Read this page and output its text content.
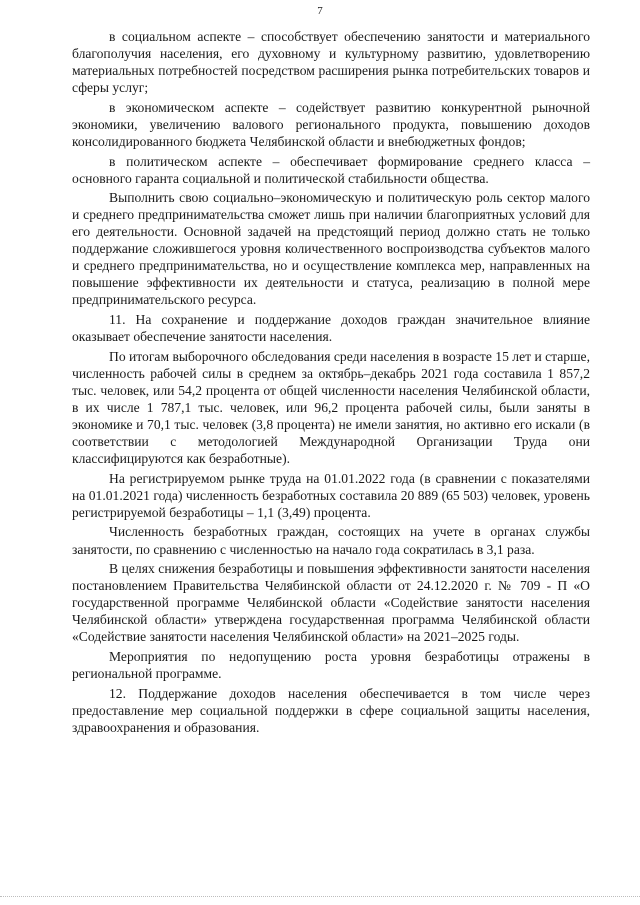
7

в социальном аспекте – способствует обеспечению занятости и материального благополучия населения, его духовному и культурному развитию, удовлетворению материальных потребностей посредством расширения рынка потребительских товаров и сферы услуг;

в экономическом аспекте – содействует развитию конкурентной рыночной экономики, увеличению валового регионального продукта, повышению доходов консолидированного бюджета Челябинской области и внебюджетных фондов;

в политическом аспекте – обеспечивает формирование среднего класса – основного гаранта социальной и политической стабильности общества.

Выполнить свою социально–экономическую и политическую роль сектор малого и среднего предпринимательства сможет лишь при наличии благоприятных условий для его деятельности. Основной задачей на предстоящий период должно стать не только поддержание сложившегося уровня количественного воспроизводства субъектов малого и среднего предпринимательства, но и осуществление комплекса мер, направленных на повышение эффективности их деятельности и статуса, реализацию в полной мере предпринимательского ресурса.

11. На сохранение и поддержание доходов граждан значительное влияние оказывает обеспечение занятости населения.

По итогам выборочного обследования среди населения в возрасте 15 лет и старше, численность рабочей силы в среднем за октябрь–декабрь 2021 года составила 1 857,2 тыс. человек, или 54,2 процента от общей численности населения Челябинской области, в их числе 1 787,1 тыс. человек, или 96,2 процента рабочей силы, были заняты в экономике и 70,1 тыс. человек (3,8 процента) не имели занятия, но активно его искали (в соответствии с методологией Международной Организации Труда они классифицируются как безработные).

На регистрируемом рынке труда на 01.01.2022 года (в сравнении с показателями на 01.01.2021 года) численность безработных составила 20 889 (65 503) человек, уровень регистрируемой безработицы – 1,1 (3,49) процента.

Численность безработных граждан, состоящих на учете в органах службы занятости, по сравнению с численностью на начало года сократилась в 3,1 раза.

В целях снижения безработицы и повышения эффективности занятости населения постановлением Правительства Челябинской области от 24.12.2020 г. № 709 - П «О государственной программе Челябинской области «Содействие занятости населения Челябинской области» утверждена государственная программа Челябинской области «Содействие занятости населения Челябинской области» на 2021–2025 годы.

Мероприятия по недопущению роста уровня безработицы отражены в региональной программе.

12. Поддержание доходов населения обеспечивается в том числе через предоставление мер социальной поддержки в сфере социальной защиты населения, здравоохранения и образования.
